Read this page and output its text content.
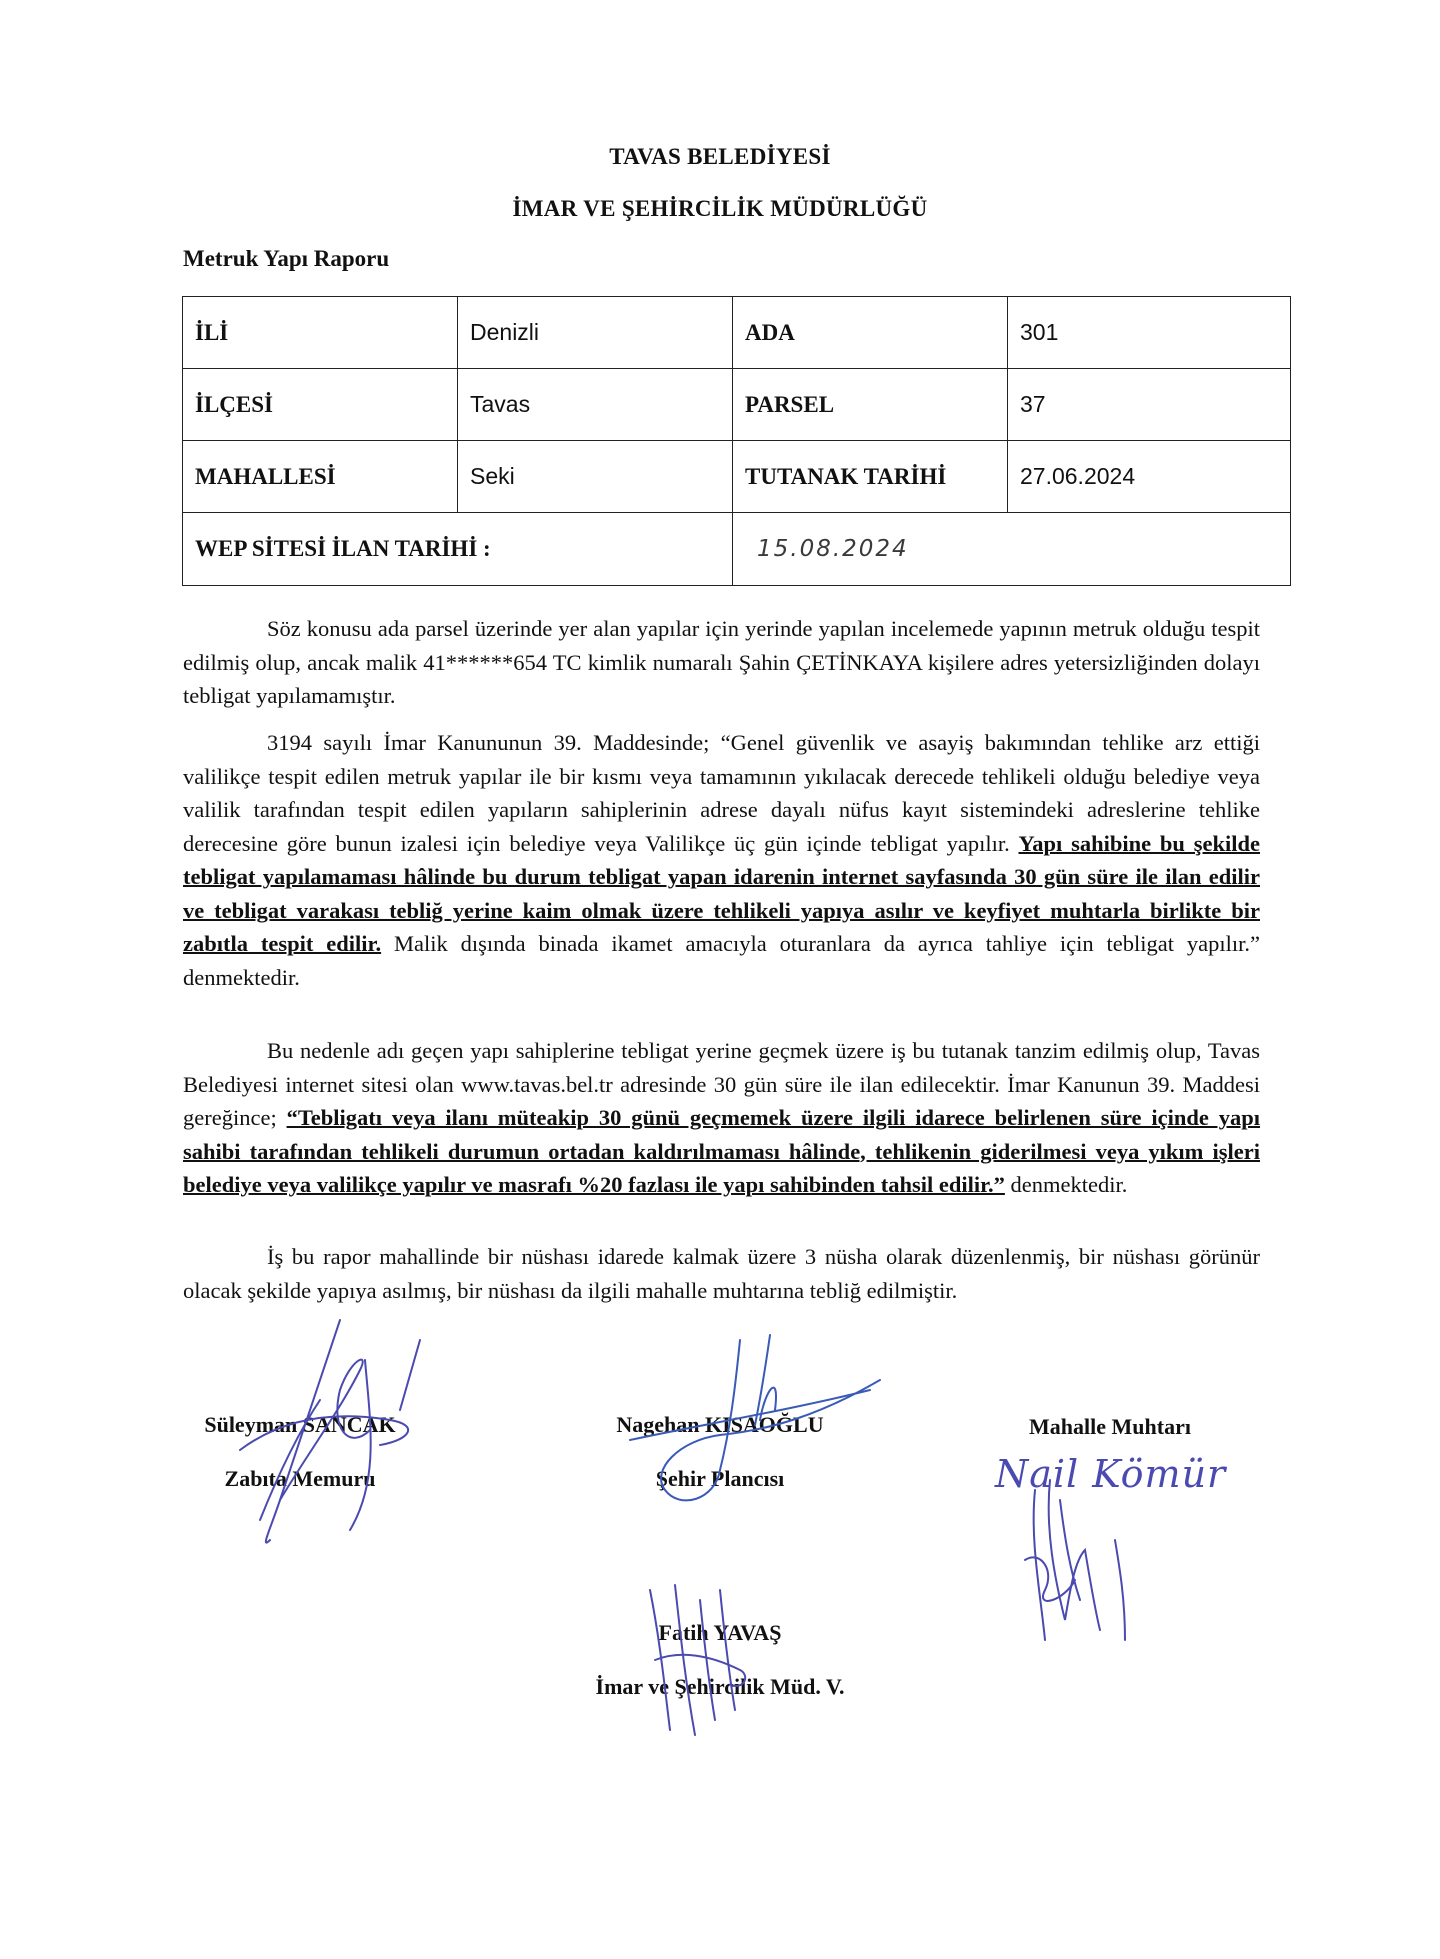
TAVAS BELEDİYESİ
İMAR VE ŞEHİRCİLİK MÜDÜRLÜĞÜ
Metruk Yapı Raporu
İLİ	Denizli	ADA	301
İLÇESİ	Tavas	PARSEL	37
MAHALLESİ	Seki	TUTANAK TARİHİ	27.06.2024
WEP SİTESİ İLAN TARİHİ :		15.08.2024	
Söz konusu ada parsel üzerinde yer alan yapılar için yerinde yapılan incelemede yapının metruk olduğu tespit edilmiş olup, ancak malik 41******654 TC kimlik numaralı Şahin ÇETİNKAYA kişilere adres yetersizliğinden dolayı tebligat yapılamamıştır.
3194 sayılı İmar Kanununun 39. Maddesinde; “Genel güvenlik ve asayiş bakımından tehlike arz ettiği valilikçe tespit edilen metruk yapılar ile bir kısmı veya tamamının yıkılacak derecede tehlikeli olduğu belediye veya valilik tarafından tespit edilen yapıların sahiplerinin adrese dayalı nüfus kayıt sistemindeki adreslerine tehlike derecesine göre bunun izalesi için belediye veya Valilikçe üç gün içinde tebligat yapılır. Yapı sahibine bu şekilde tebligat yapılamaması hâlinde bu durum tebligat yapan idarenin internet sayfasında 30 gün süre ile ilan edilir ve tebligat varakası tebliğ yerine kaim olmak üzere tehlikeli yapıya asılır ve keyfiyet muhtarla birlikte bir zabıtla tespit edilir. Malik dışında binada ikamet amacıyla oturanlara da ayrıca tahliye için tebligat yapılır.” denmektedir.
Bu nedenle adı geçen yapı sahiplerine tebligat yerine geçmek üzere iş bu tutanak tanzim edilmiş olup, Tavas Belediyesi internet sitesi olan www.tavas.bel.tr adresinde 30 gün süre ile ilan edilecektir. İmar Kanunun 39. Maddesi gereğince; “Tebligatı veya ilanı müteakip 30 günü geçmemek üzere ilgili idarece belirlenen süre içinde yapı sahibi tarafından tehlikeli durumun ortadan kaldırılmaması hâlinde, tehlikenin giderilmesi veya yıkım işleri belediye veya valilikçe yapılır ve masrafı %20 fazlası ile yapı sahibinden tahsil edilir.” denmektedir.
İş bu rapor mahallinde bir nüshası idarede kalmak üzere 3 nüsha olarak düzenlenmiş, bir nüshası görünür olacak şekilde yapıya asılmış, bir nüshası da ilgili mahalle muhtarına tebliğ edilmiştir.
Süleyman SANCAK
Zabıta Memuru
Nagehan KISAOĞLU
Şehir Plancısı
Mahalle Muhtarı
Fatih YAVAŞ
İmar ve Şehircilik Müd. V.
Nail Kömür
